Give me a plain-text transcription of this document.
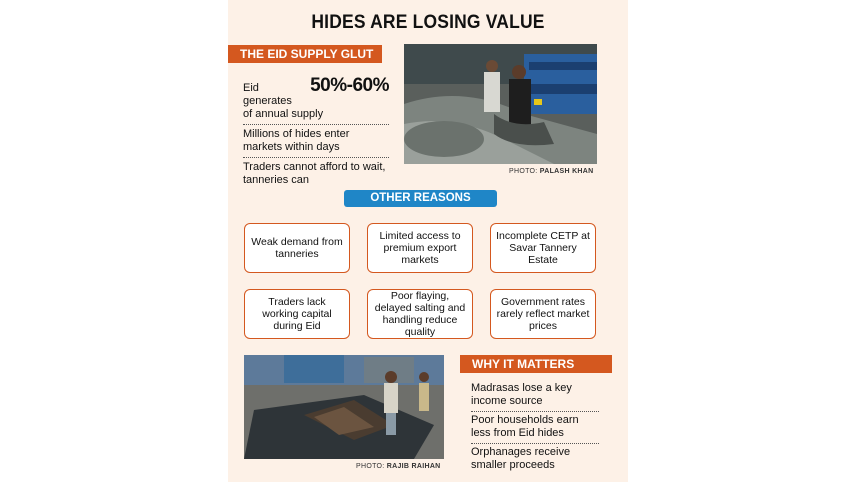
HIDES ARE LOSING VALUE
THE EID SUPPLY GLUT
Eid generates
50%-60%
of annual supply
Millions of hides enter markets within days
Traders cannot afford to wait, tanneries can
PHOTO: PALASH KHAN
OTHER REASONS
Weak demand from tanneries
Limited access to premium export markets
Incomplete CETP at Savar Tannery Estate
Traders lack working capital during Eid
Poor flaying, delayed salting and handling reduce quality
Government rates rarely reflect market prices
PHOTO: RAJIB RAIHAN
WHY IT MATTERS
Madrasas lose a key income source
Poor households earn less from Eid hides
Orphanages receive smaller proceeds
